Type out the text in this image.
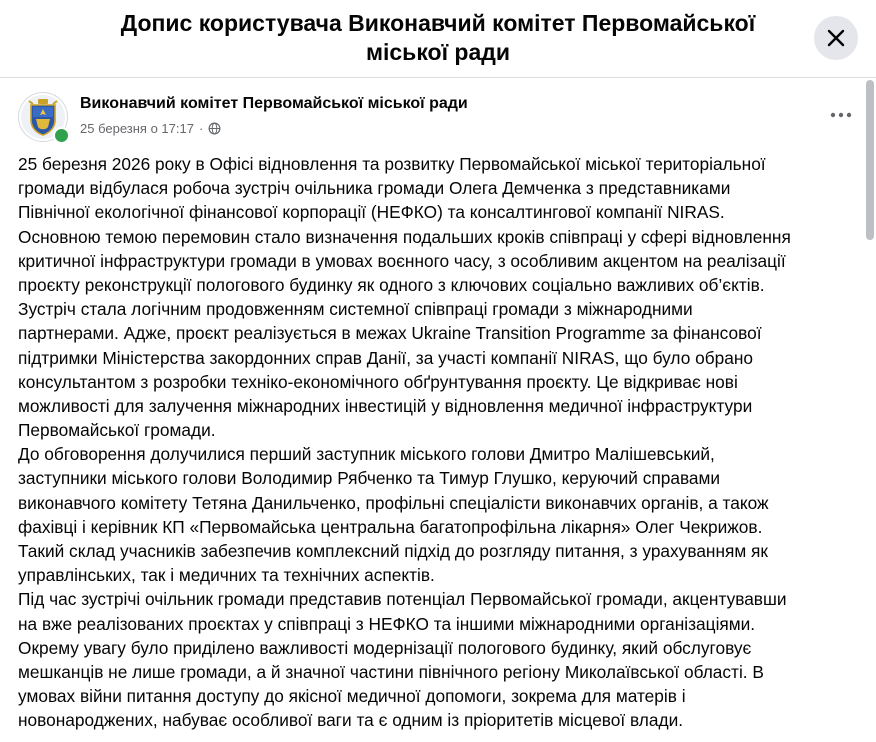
Допис користувача Виконавчий комітет Первомайської
міської ради
Виконавчий комітет Первомайської міської ради
25 березня о 17:17 ·
25 березня 2026 року в Офісі відновлення та розвитку Первомайської міської територіальної
громади відбулася робоча зустріч очільника громади Олега Демченка з представниками
Північної екологічної фінансової корпорації (НЕФКО) та консалтингової компанії NIRAS.
Основною темою перемовин стало визначення подальших кроків співпраці у сфері відновлення
критичної інфраструктури громади в умовах воєнного часу, з особливим акцентом на реалізації
проєкту реконструкції пологового будинку як одного з ключових соціально важливих об’єктів.
Зустріч стала логічним продовженням системної співпраці громади з міжнародними
партнерами. Адже, проєкт реалізується в межах Ukraine Transition Programme за фінансової
підтримки Міністерства закордонних справ Данії, за участі компанії NIRAS, що було обрано
консультантом з розробки техніко-економічного обґрунтування проєкту. Це відкриває нові
можливості для залучення міжнародних інвестицій у відновлення медичної інфраструктури
Первомайської громади.
До обговорення долучилися перший заступник міського голови Дмитро Малішевський,
заступники міського голови Володимир Рябченко та Тимур Глушко, керуючий справами
виконавчого комітету Тетяна Данильченко, профільні спеціалісти виконавчих органів, а також
фахівці і керівник КП «Первомайська центральна багатопрофільна лікарня» Олег Чекрижов.
Такий склад учасників забезпечив комплексний підхід до розгляду питання, з урахуванням як
управлінських, так і медичних та технічних аспектів.
Під час зустрічі очільник громади представив потенціал Первомайської громади, акцентувавши
на вже реалізованих проєктах у співпраці з НЕФКО та іншими міжнародними організаціями.
Окрему увагу було приділено важливості модернізації пологового будинку, який обслуговує
мешканців не лише громади, а й значної частини північного регіону Миколаївської області. В
умовах війни питання доступу до якісної медичної допомоги, зокрема для матерів і
новонароджених, набуває особливої ваги та є одним із пріоритетів місцевої влади.
